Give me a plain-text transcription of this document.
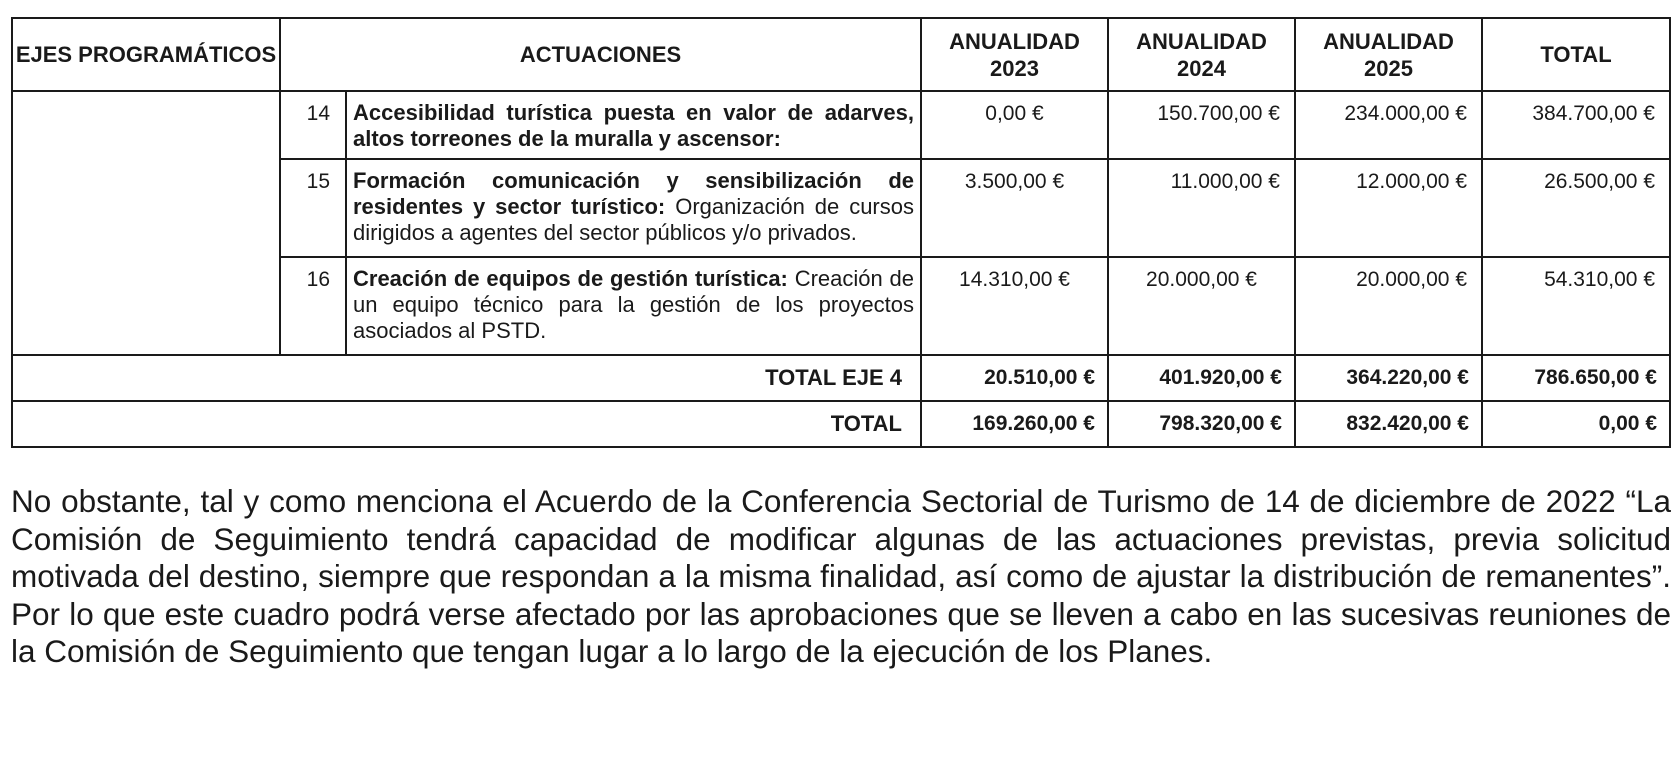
EJES PROGRAMÁTICOS	ACTUACIONES		ANUALIDAD 2023	ANUALIDAD 2024	ANUALIDAD 2025	TOTAL
	14	Accesibilidad turística puesta en valor de adarves, altos torreones de la muralla y ascensor:	0,00 €	150.700,00 €	234.000,00 €	384.700,00 €
	15	Formación comunicación y sensibilización de residentes y sector turístico: Organización de cursos dirigidos a agentes del sector públicos y/o privados.	3.500,00 €	11.000,00 €	12.000,00 €	26.500,00 €
	16	Creación de equipos de gestión turística: Creación de un equipo técnico para la gestión de los proyectos asociados al PSTD.	14.310,00 €	20.000,00 €	20.000,00 €	54.310,00 €
TOTAL EJE 4			20.510,00 €	401.920,00 €	364.220,00 €	786.650,00 €
TOTAL			169.260,00 €	798.320,00 €	832.420,00 €	0,00 €

No obstante, tal y como menciona el Acuerdo de la Conferencia Sectorial de Turismo de 14 de diciembre de 2022 “La Comisión de Seguimiento tendrá capacidad de modificar algunas de las actuaciones previstas, previa solicitud motivada del destino, siempre que respondan a la misma finalidad, así como de ajustar la distribución de remanentes”. Por lo que este cuadro podrá verse afectado por las aprobaciones que se lleven a cabo en las sucesivas reuniones de la Comisión de Seguimiento que tengan lugar a lo largo de la ejecución de los Planes.
